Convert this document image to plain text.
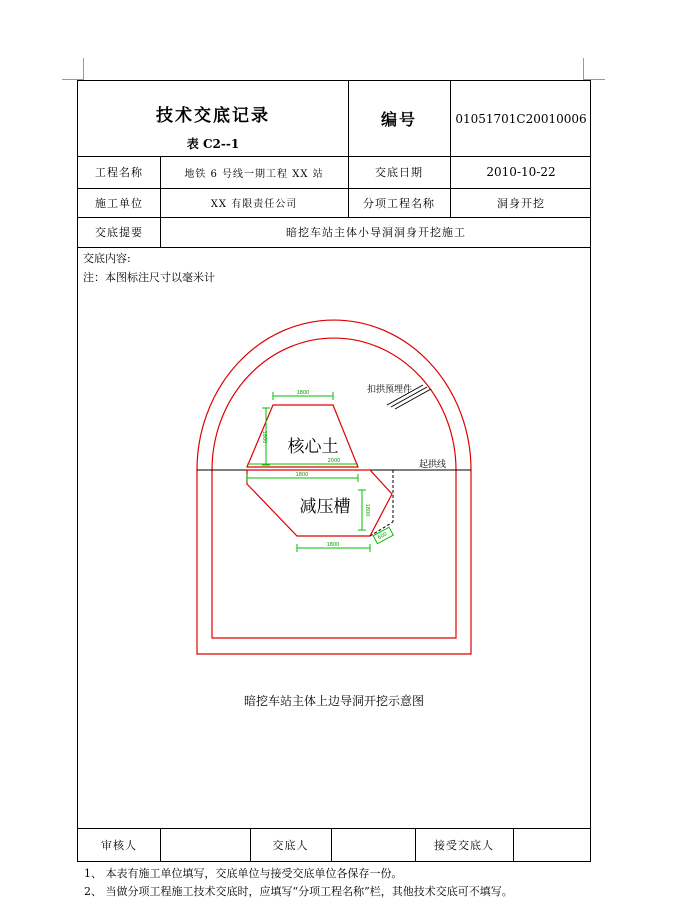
技术交底记录
表 C2--1
编号	01051701C20010006
工程名称	地铁 6 号线一期工程 XX 站	交底日期	2010-10-22
施工单位	XX 有限责任公司	分项工程名称	洞身开挖
交底提要	暗挖车站主体小导洞洞身开挖施工
交底内容:
注：本图标注尺寸以毫米计
审核人	交底人	接受交底人
1800
1800
2000
1800
1800
1800
600
核心土
减压槽
扣拱预埋件
起拱线
暗挖车站主体上边导洞开挖示意图
1、 本表有施工单位填写，交底单位与接受交底单位各保存一份。
2、 当做分项工程施工技术交底时，应填写“分项工程名称”栏，其他技术交底可不填写。
